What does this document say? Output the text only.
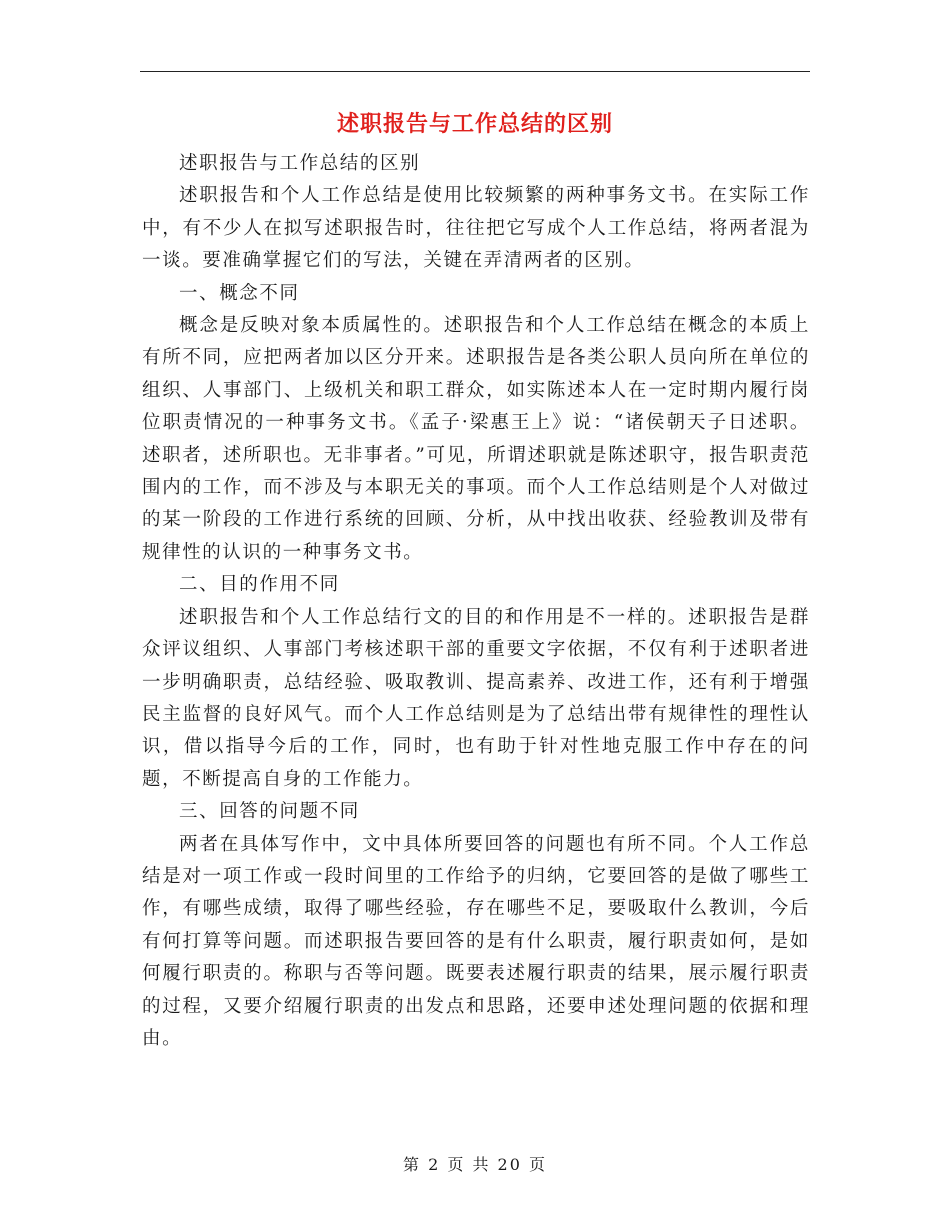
述职报告与工作总结的区别

述职报告与工作总结的区别

述职报告和个人工作总结是使用比较频繁的两种事务文书。在实际工作中，有不少人在拟写述职报告时，往往把它写成个人工作总结，将两者混为一谈。要准确掌握它们的写法，关键在弄清两者的区别。

一、概念不同

概念是反映对象本质属性的。述职报告和个人工作总结在概念的本质上有所不同，应把两者加以区分开来。述职报告是各类公职人员向所在单位的组织、人事部门、上级机关和职工群众，如实陈述本人在一定时期内履行岗位职责情况的一种事务文书。《孟子·梁惠王上》说：“诸侯朝天子日述职。述职者，述所职也。无非事者。”可见，所谓述职就是陈述职守，报告职责范围内的工作，而不涉及与本职无关的事项。而个人工作总结则是个人对做过的某一阶段的工作进行系统的回顾、分析，从中找出收获、经验教训及带有规律性的认识的一种事务文书。

二、目的作用不同

述职报告和个人工作总结行文的目的和作用是不一样的。述职报告是群众评议组织、人事部门考核述职干部的重要文字依据，不仅有利于述职者进一步明确职责，总结经验、吸取教训、提高素养、改进工作，还有利于增强民主监督的良好风气。而个人工作总结则是为了总结出带有规律性的理性认识，借以指导今后的工作，同时，也有助于针对性地克服工作中存在的问题，不断提高自身的工作能力。

三、回答的问题不同

两者在具体写作中，文中具体所要回答的问题也有所不同。个人工作总结是对一项工作或一段时间里的工作给予的归纳，它要回答的是做了哪些工作，有哪些成绩，取得了哪些经验，存在哪些不足，要吸取什么教训，今后有何打算等问题。而述职报告要回答的是有什么职责，履行职责如何，是如何履行职责的。称职与否等问题。既要表述履行职责的结果，展示履行职责的过程，又要介绍履行职责的出发点和思路，还要申述处理问题的依据和理由。

第 2 页 共 20 页
